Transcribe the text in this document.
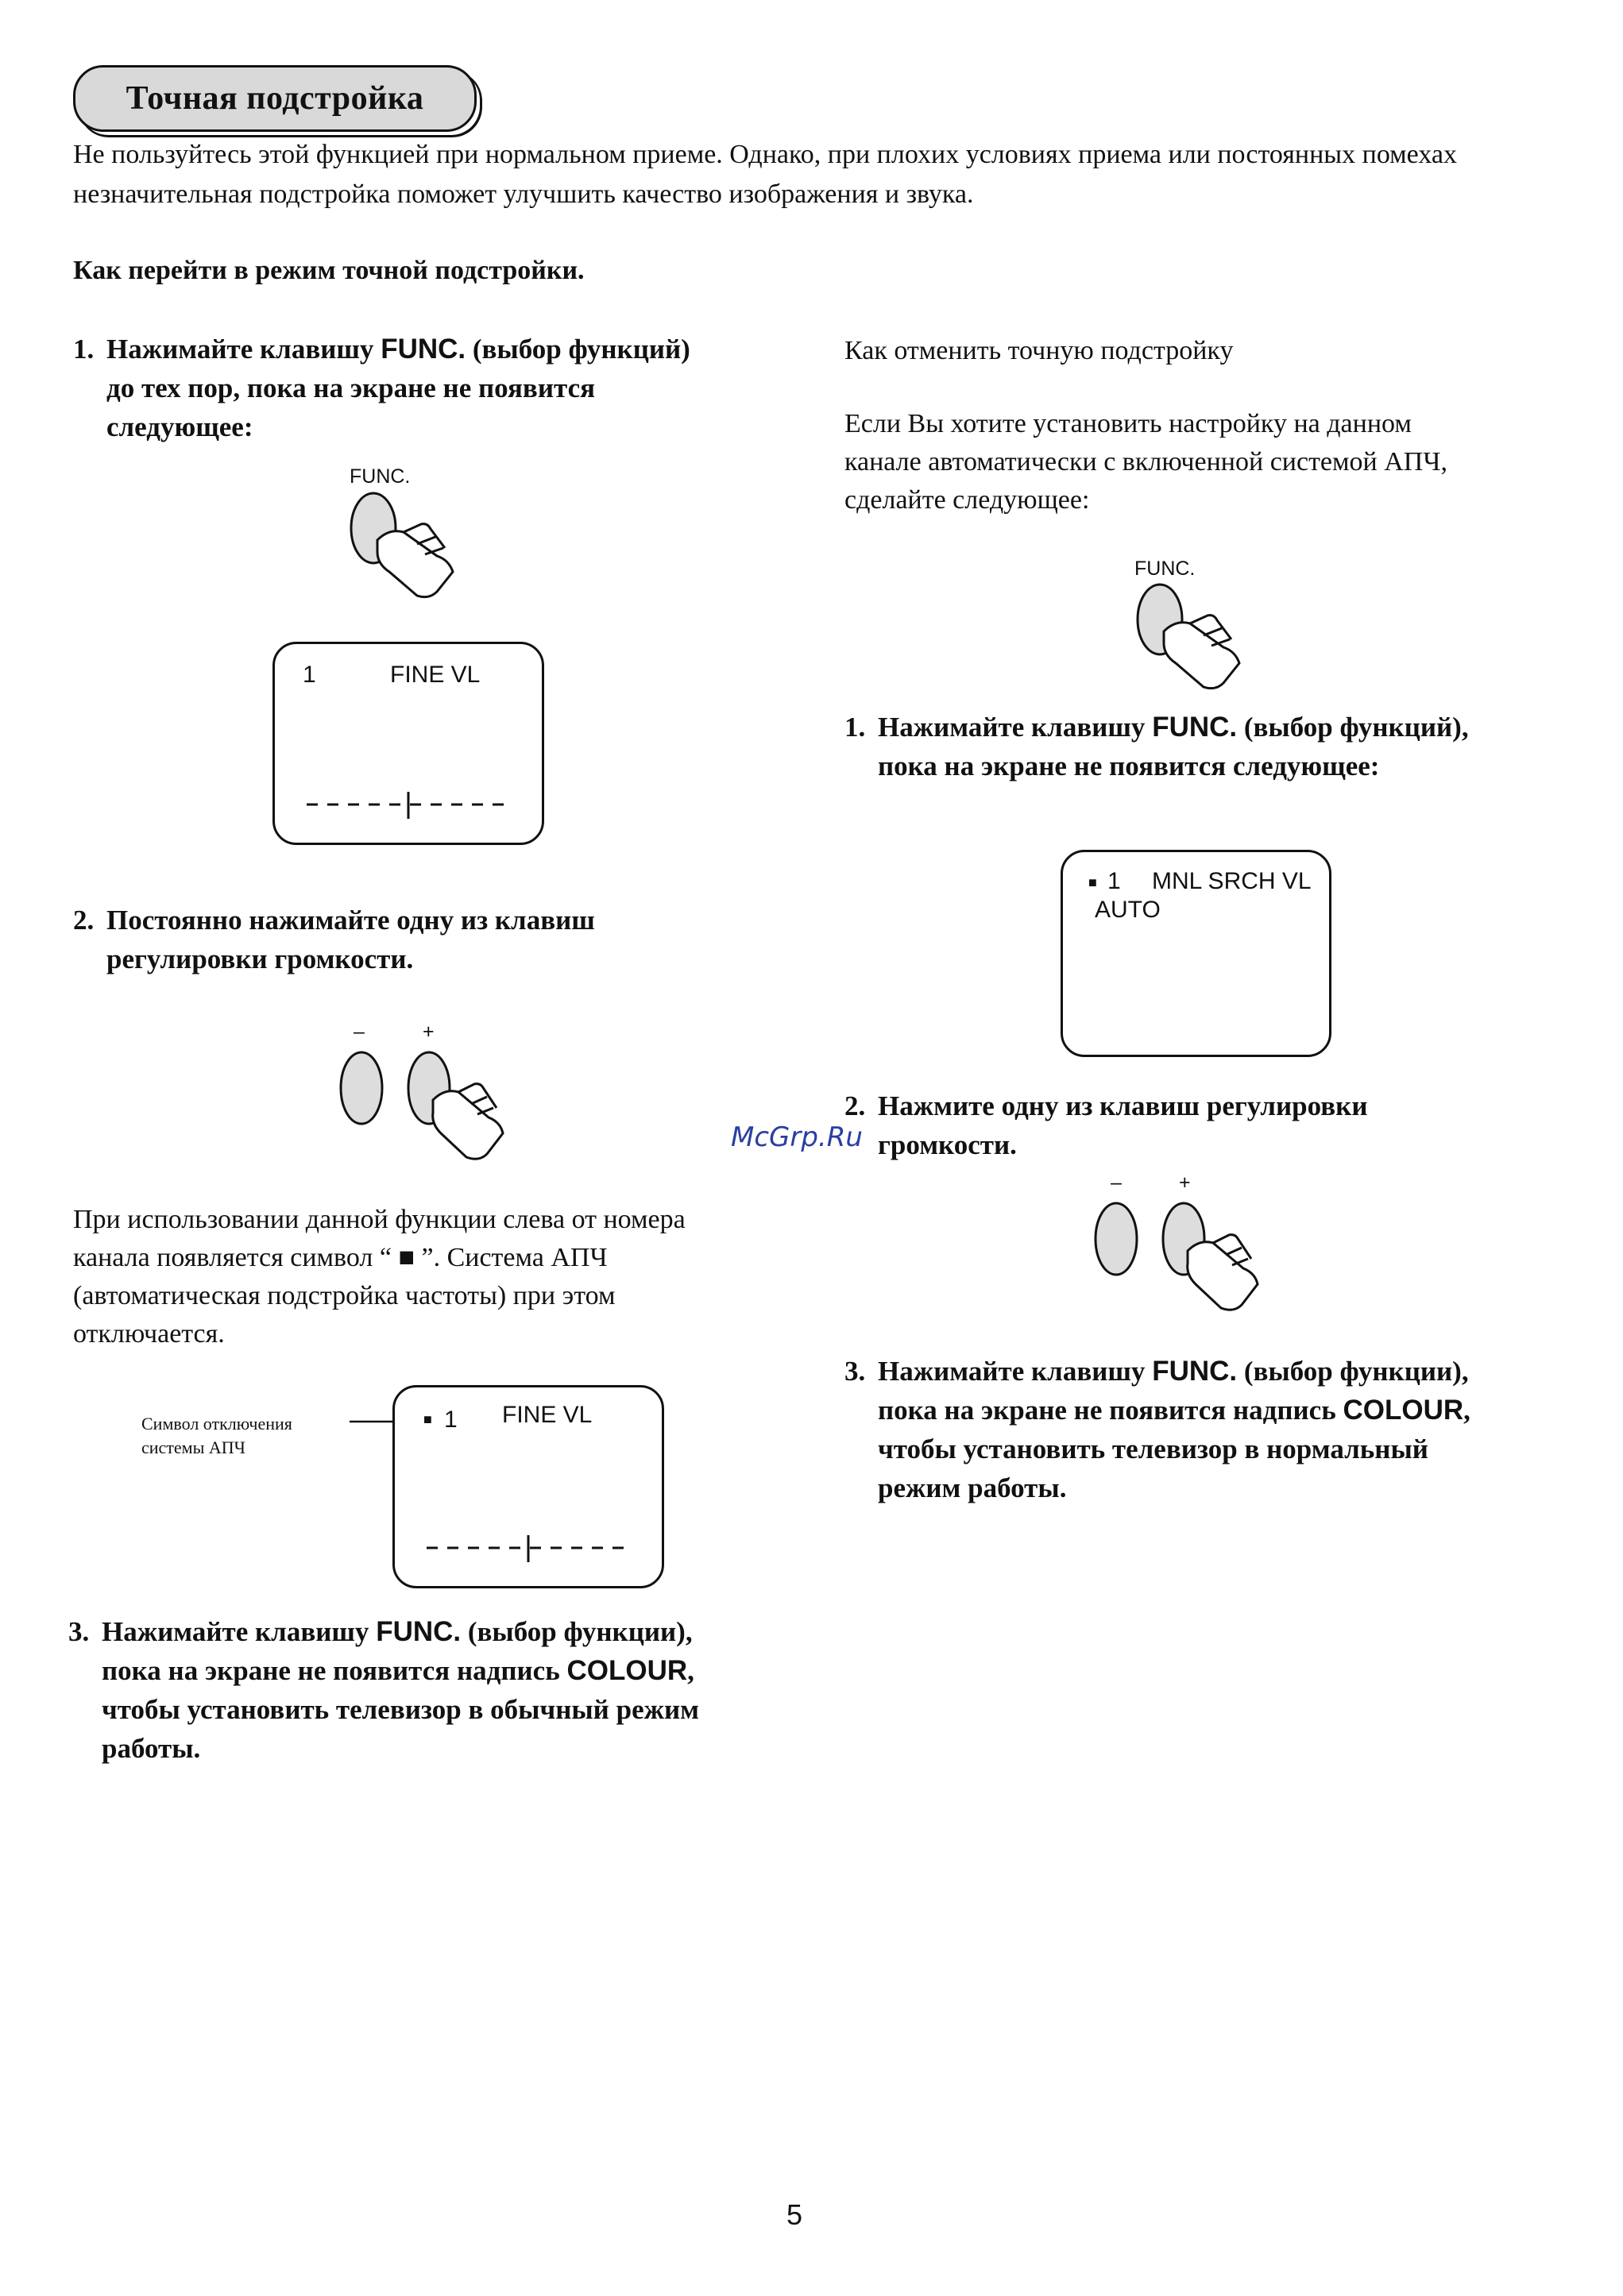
Точная подстройка
Не пользуйтесь этой функцией при нормальном приеме. Однако, при плохих условиях приема или постоянных помехах незначительная подстройка поможет улучшить качество изображения и звука.
Как перейти в режим точной подстройки.
1. Нажимайте клавишу FUNC. (выбор функций) до тех пор, пока на экране не появится следующее:
FUNC.
1	FINE VL
2. Постоянно нажимайте одну из клавиш регулировки громкости.
–	+
При использовании данной функции слева от номера канала появляется символ “ ■ ”. Система АПЧ (автоматическая подстройка частоты) при этом отключается.
Символ отключения системы АПЧ
■ 1 FINE VL
3. Нажимайте клавишу FUNC. (выбор функции), пока на экране не появится надпись COLOUR, чтобы установить телевизор в обычный режим работы.
Как отменить точную подстройку
Если Вы хотите установить настройку на данном канале автоматически с включенной системой АПЧ, сделайте следующее:
FUNC.
1. Нажимайте клавишу FUNC. (выбор функций), пока на экране не появится следующее:
■ 1 MNL SRCH VL
AUTO
2. Нажмите одну из клавиш регулировки громкости.
–	+
3. Нажимайте клавишу FUNC. (выбор функции), пока на экране не появится надпись COLOUR, чтобы установить телевизор в нормальный режим работы.
McGrp.Ru
5
